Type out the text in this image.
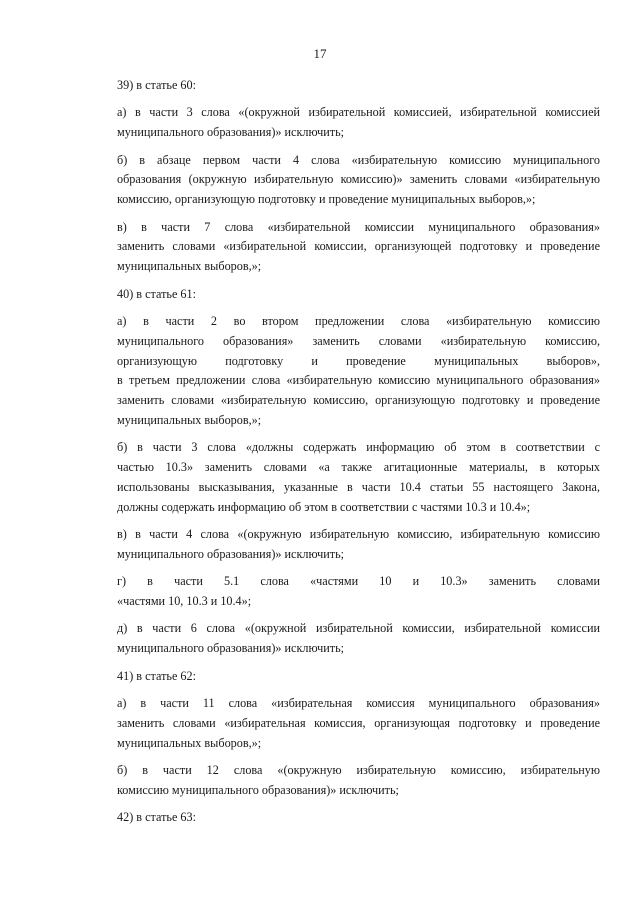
17
39) в статье 60:
а) в части 3 слова «(окружной избирательной комиссией, избирательной комиссией
муниципального образования)» исключить;
б) в абзаце первом части 4 слова «избирательную комиссию муниципального
образования (окружную избирательную комиссию)» заменить словами «избирательную
комиссию, организующую подготовку и проведение муниципальных выборов,»;
в) в части 7 слова «избирательной комиссии муниципального образования»
заменить словами «избирательной комиссии, организующей подготовку и проведение
муниципальных выборов,»;
40) в статье 61:
а) в части 2 во втором предложении слова «избирательную комиссию
муниципального образования» заменить словами «избирательную комиссию,
организующую подготовку и проведение муниципальных выборов»,
в третьем предложении слова «избирательную комиссию муниципального образования»
заменить словами «избирательную комиссию, организующую подготовку и проведение
муниципальных выборов,»;
б) в части 3 слова «должны содержать информацию об этом в соответствии с
частью 10.3» заменить словами «а также агитационные материалы, в которых
использованы высказывания, указанные в части 10.4 статьи 55 настоящего Закона,
должны содержать информацию об этом в соответствии с частями 10.3 и 10.4»;
в) в части 4 слова «(окружную избирательную комиссию, избирательную комиссию
муниципального образования)» исключить;
г) в части 5.1 слова «частями 10 и 10.3» заменить словами
«частями 10, 10.3 и 10.4»;
д) в части 6 слова «(окружной избирательной комиссии, избирательной комиссии
муниципального образования)» исключить;
41) в статье 62:
а) в части 11 слова «избирательная комиссия муниципального образования»
заменить словами «избирательная комиссия, организующая подготовку и проведение
муниципальных выборов,»;
б) в части 12 слова «(окружную избирательную комиссию, избирательную
комиссию муниципального образования)» исключить;
42) в статье 63:
